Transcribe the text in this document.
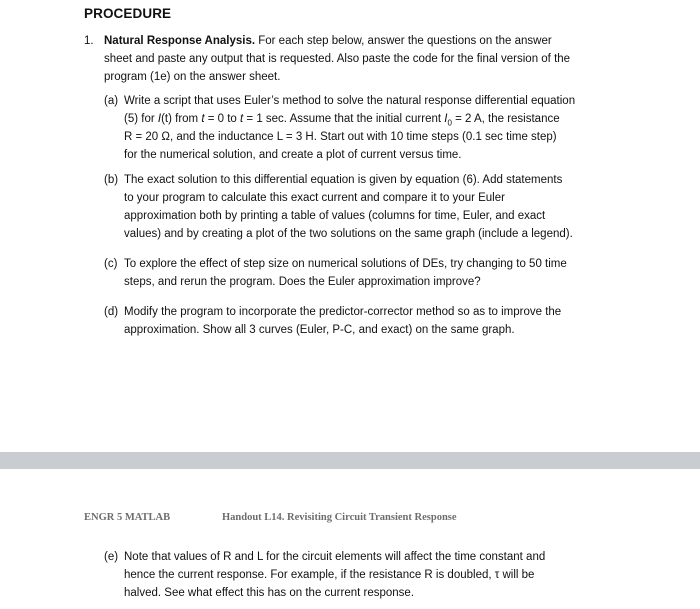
PROCEDURE
1. Natural Response Analysis. For each step below, answer the questions on the answer
sheet and paste any output that is requested. Also paste the code for the final version of the
program (1e) on the answer sheet.
(a) Write a script that uses Euler’s method to solve the natural response differential equation
(5) for I(t) from t = 0 to t = 1 sec. Assume that the initial current $I_0 = 2$ A, the resistance
R = 20 Ω, and the inductance L = 3 H. Start out with 10 time steps (0.1 sec time step)
for the numerical solution, and create a plot of current versus time.
(b) The exact solution to this differential equation is given by equation (6). Add statements
to your program to calculate this exact current and compare it to your Euler
approximation both by printing a table of values (columns for time, Euler, and exact
values) and by creating a plot of the two solutions on the same graph (include a legend).
(c) To explore the effect of step size on numerical solutions of DEs, try changing to 50 time
steps, and rerun the program. Does the Euler approximation improve?
(d) Modify the program to incorporate the predictor-corrector method so as to improve the
approximation. Show all 3 curves (Euler, P-C, and exact) on the same graph.
ENGR 5 MATLAB	Handout L14. Revisiting Circuit Transient Response
(e) Note that values of R and L for the circuit elements will affect the time constant and
hence the current response. For example, if the resistance R is doubled, τ will be
halved. See what effect this has on the current response.
